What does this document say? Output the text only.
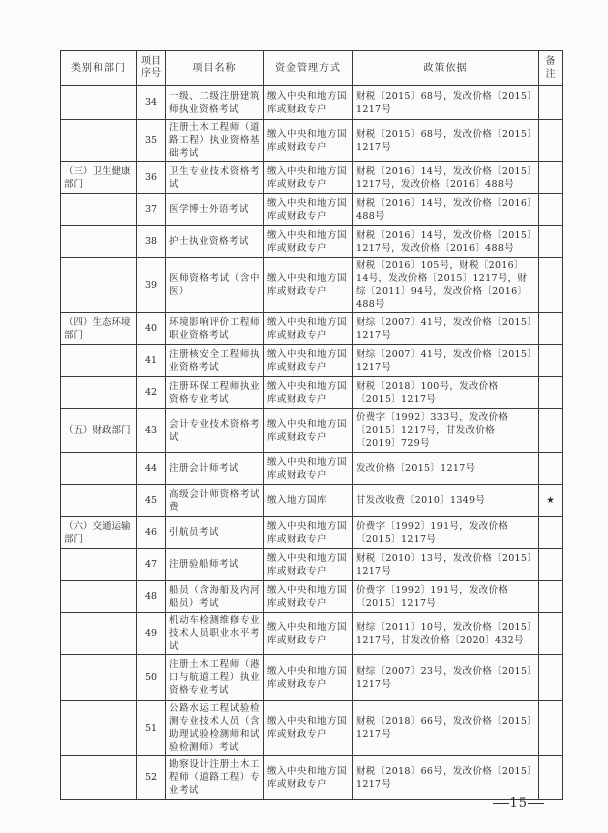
类别和部门	项目序号	项目名称	资金管理方式	政策依据	备注
	34	一级、二级注册建筑师执业资格考试	缴入中央和地方国库或财政专户	财税〔2015〕68号，发改价格〔2015〕1217号	
	35	注册土木工程师（道路工程）执业资格基础考试	缴入中央和地方国库或财政专户	财税〔2015〕68号，发改价格〔2015〕1217号	
（三）卫生健康部门	36	卫生专业技术资格考试	缴入中央和地方国库或财政专户	财税〔2016〕14号，发改价格〔2015〕1217号，发改价格〔2016〕488号	
	37	医学博士外语考试	缴入中央和地方国库或财政专户	财税〔2016〕14号，发改价格〔2016〕488号	
	38	护士执业资格考试	缴入中央和地方国库或财政专户	财税〔2016〕14号，发改价格〔2015〕1217号，发改价格〔2016〕488号	
	39	医师资格考试（含中医）	缴入中央和地方国库或财政专户	财税〔2016〕105号，财税〔2016〕14号，发改价格〔2015〕1217号，财综〔2011〕94号，发改价格〔2016〕488号	
（四）生态环境部门	40	环境影响评价工程师职业资格考试	缴入中央和地方国库或财政专户	财综〔2007〕41号，发改价格〔2015〕1217号	
	41	注册核安全工程师执业资格考试	缴入中央和地方国库或财政专户	财综〔2007〕41号，发改价格〔2015〕1217号	
	42	注册环保工程师执业资格专业考试	缴入中央和地方国库或财政专户	财税〔2018〕100号，发改价格〔2015〕1217号	
（五）财政部门	43	会计专业技术资格考试	缴入中央和地方国库或财政专户	价费字〔1992〕333号，发改价格〔2015〕1217号，甘发改价格〔2019〕729号	
	44	注册会计师考试	缴入中央和地方国库或财政专户	发改价格〔2015〕1217号	
	45	高级会计师资格考试费	缴入地方国库	甘发改收费〔2010〕1349号	★
（六）交通运输部门	46	引航员考试	缴入中央和地方国库或财政专户	价费字〔1992〕191号，发改价格〔2015〕1217号	
	47	注册验船师考试	缴入中央和地方国库或财政专户	财税〔2010〕13号，发改价格〔2015〕1217号	
	48	船员（含海船及内河船员）考试	缴入中央和地方国库或财政专户	价费字〔1992〕191号，发改价格〔2015〕1217号	
	49	机动车检测维修专业技术人员职业水平考试	缴入中央和地方国库或财政专户	财综〔2011〕10号，发改价格〔2015〕1217号，甘发改价格〔2020〕432号	
	50	注册土木工程师（港口与航道工程）执业资格专业考试	缴入中央和地方国库或财政专户	财综〔2007〕23号，发改价格〔2015〕1217号	
	51	公路水运工程试验检测专业技术人员（含助理试验检测师和试验检测师）考试	缴入中央和地方国库或财政专户	财税〔2018〕66号，发改价格〔2015〕1217号	
	52	勘察设计注册土木工程师（道路工程）专业考试	缴入中央和地方国库或财政专户	财税〔2018〕66号，发改价格〔2015〕1217号	
15
